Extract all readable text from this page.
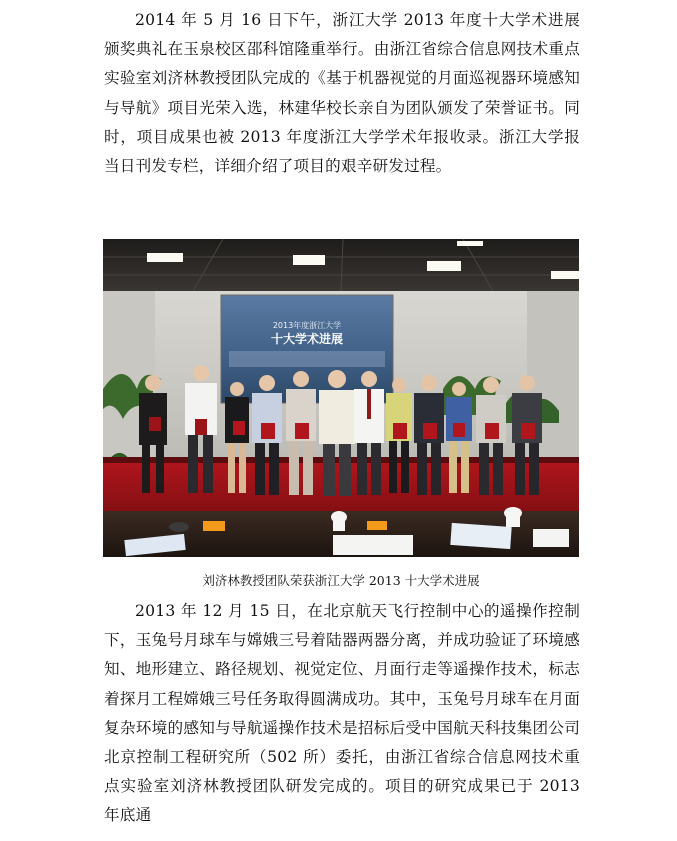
2014 年 5 月 16 日下午，浙江大学 2013 年度十大学术进展颁奖典礼在玉泉校区邵科馆隆重举行。由浙江省综合信息网技术重点实验室刘济林教授团队完成的《基于机器视觉的月面巡视器环境感知与导航》项目光荣入选，林建华校长亲自为团队颁发了荣誉证书。同时，项目成果也被 2013 年度浙江大学学术年报收录。浙江大学报当日刊发专栏，详细介绍了项目的艰辛研发过程。

2013年度浙江大学
十大学术进展

刘济林教授团队荣获浙江大学 2013 十大学术进展

2013 年 12 月 15 日，在北京航天飞行控制中心的遥操作控制下，玉兔号月球车与嫦娥三号着陆器两器分离，并成功验证了环境感知、地形建立、路径规划、视觉定位、月面行走等遥操作技术，标志着探月工程嫦娥三号任务取得圆满成功。其中，玉兔号月球车在月面复杂环境的感知与导航遥操作技术是招标后受中国航天科技集团公司北京控制工程研究所（502 所）委托，由浙江省综合信息网技术重点实验室刘济林教授团队研发完成的。项目的研究成果已于 2013 年底通
